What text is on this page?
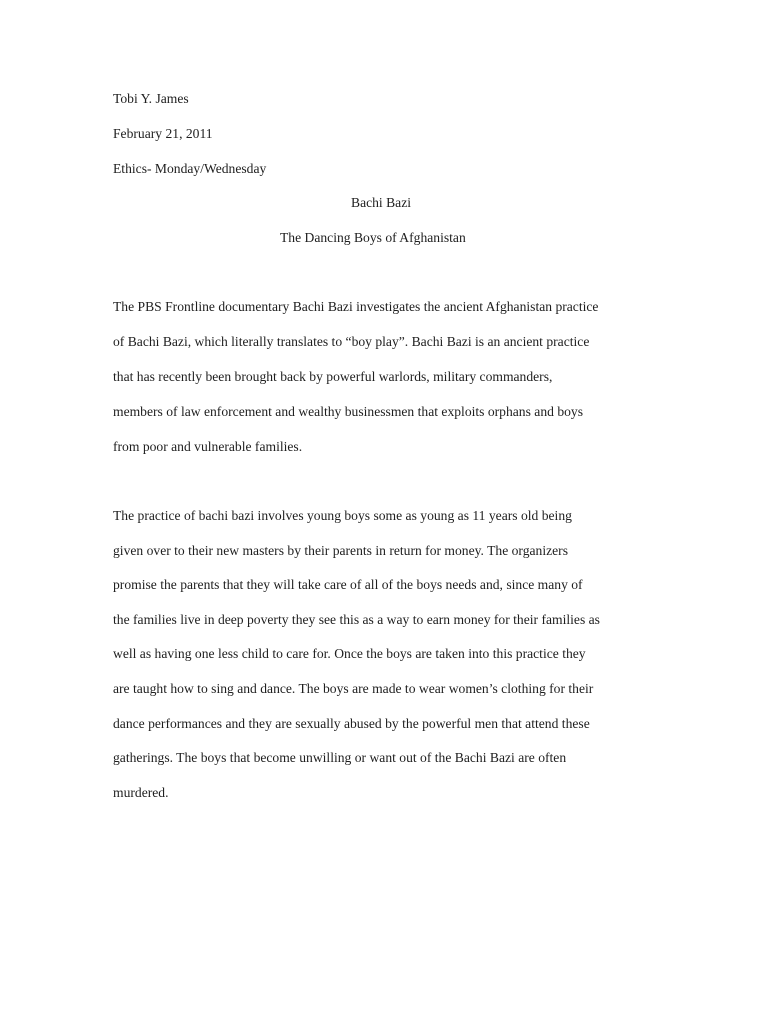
Tobi Y. James
February 21, 2011
Ethics- Monday/Wednesday
Bachi Bazi
The Dancing Boys of Afghanistan
The PBS Frontline documentary Bachi Bazi investigates the ancient Afghanistan practice
of Bachi Bazi, which literally translates to “boy play”. Bachi Bazi is an ancient practice
that has recently been brought back by powerful warlords, military commanders,
members of law enforcement and wealthy businessmen that exploits orphans and boys
from poor and vulnerable families.
The practice of bachi bazi involves young boys some as young as 11 years old being
given over to their new masters by their parents in return for money. The organizers
promise the parents that they will take care of all of the boys needs and, since many of
the families live in deep poverty they see this as a way to earn money for their families as
well as having one less child to care for. Once the boys are taken into this practice they
are taught how to sing and dance. The boys are made to wear women’s clothing for their
dance performances and they are sexually abused by the powerful men that attend these
gatherings. The boys that become unwilling or want out of the Bachi Bazi are often
murdered.
